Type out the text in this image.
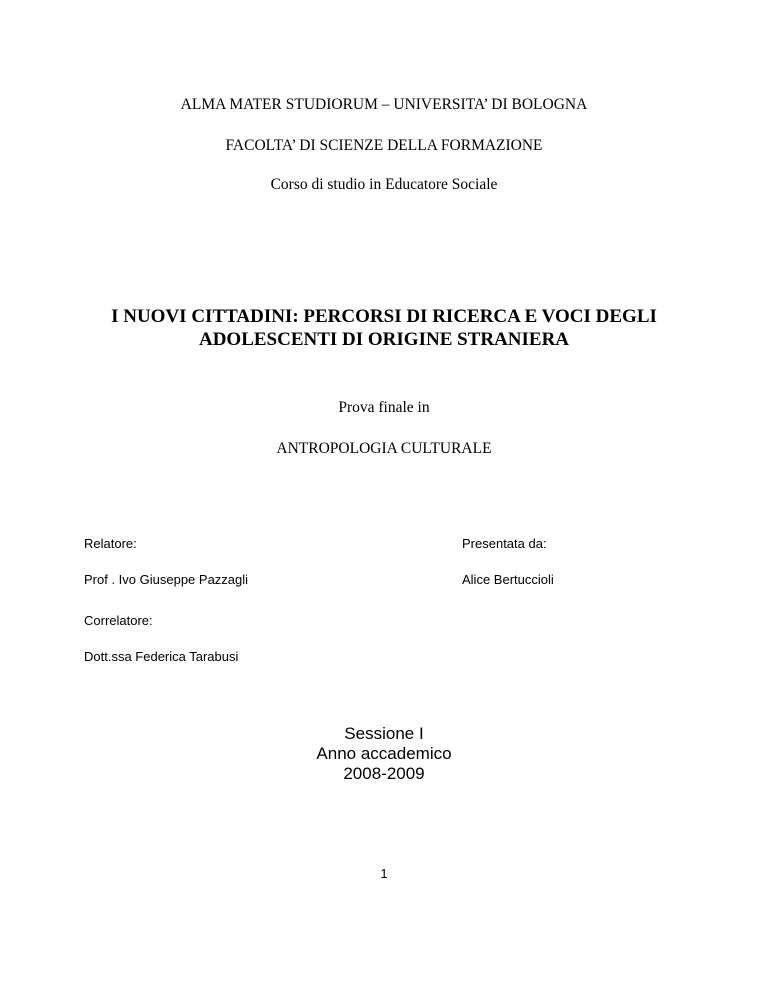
ALMA MATER STUDIORUM – UNIVERSITA’ DI BOLOGNA
FACOLTA’ DI SCIENZE DELLA FORMAZIONE
Corso di studio in Educatore Sociale
I NUOVI CITTADINI: PERCORSI DI RICERCA E VOCI DEGLI
ADOLESCENTI DI ORIGINE STRANIERA
Prova finale in
ANTROPOLOGIA CULTURALE
Relatore:	Presentata da:
Prof . Ivo Giuseppe Pazzagli	Alice Bertuccioli
Correlatore:
Dott.ssa Federica Tarabusi
Sessione I
Anno accademico
2008-2009
1
